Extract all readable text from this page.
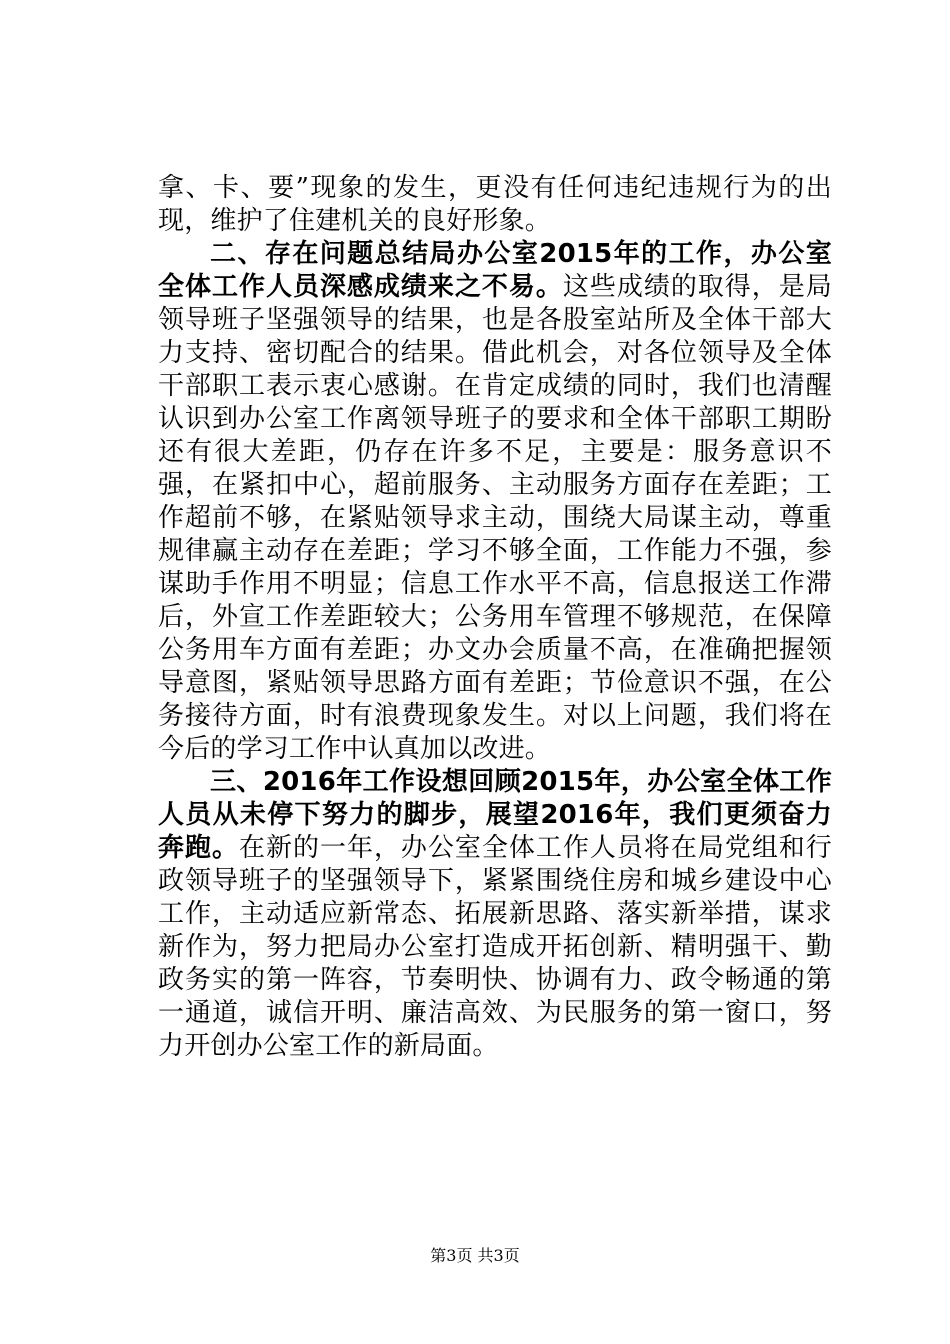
拿、卡、要”现象的发生，更没有任何违纪违规行为的出现，维护了住建机关的良好形象。

二、存在问题总结局办公室2015年的工作，办公室全体工作人员深感成绩来之不易。这些成绩的取得，是局领导班子坚强领导的结果，也是各股室站所及全体干部大力支持、密切配合的结果。借此机会，对各位领导及全体干部职工表示衷心感谢。在肯定成绩的同时，我们也清醒认识到办公室工作离领导班子的要求和全体干部职工期盼还有很大差距，仍存在许多不足，主要是：服务意识不强，在紧扣中心，超前服务、主动服务方面存在差距；工作超前不够，在紧贴领导求主动，围绕大局谋主动，尊重规律赢主动存在差距；学习不够全面，工作能力不强，参谋助手作用不明显；信息工作水平不高，信息报送工作滞后，外宣工作差距较大；公务用车管理不够规范，在保障公务用车方面有差距；办文办会质量不高，在准确把握领导意图，紧贴领导思路方面有差距；节俭意识不强，在公务接待方面，时有浪费现象发生。对以上问题，我们将在今后的学习工作中认真加以改进。

三、2016年工作设想回顾2015年，办公室全体工作人员从未停下努力的脚步，展望2016年，我们更须奋力奔跑。在新的一年，办公室全体工作人员将在局党组和行政领导班子的坚强领导下，紧紧围绕住房和城乡建设中心工作，主动适应新常态、拓展新思路、落实新举措，谋求新作为，努力把局办公室打造成开拓创新、精明强干、勤政务实的第一阵容，节奏明快、协调有力、政令畅通的第一通道，诚信开明、廉洁高效、为民服务的第一窗口，努力开创办公室工作的新局面。

第3页 共3页
